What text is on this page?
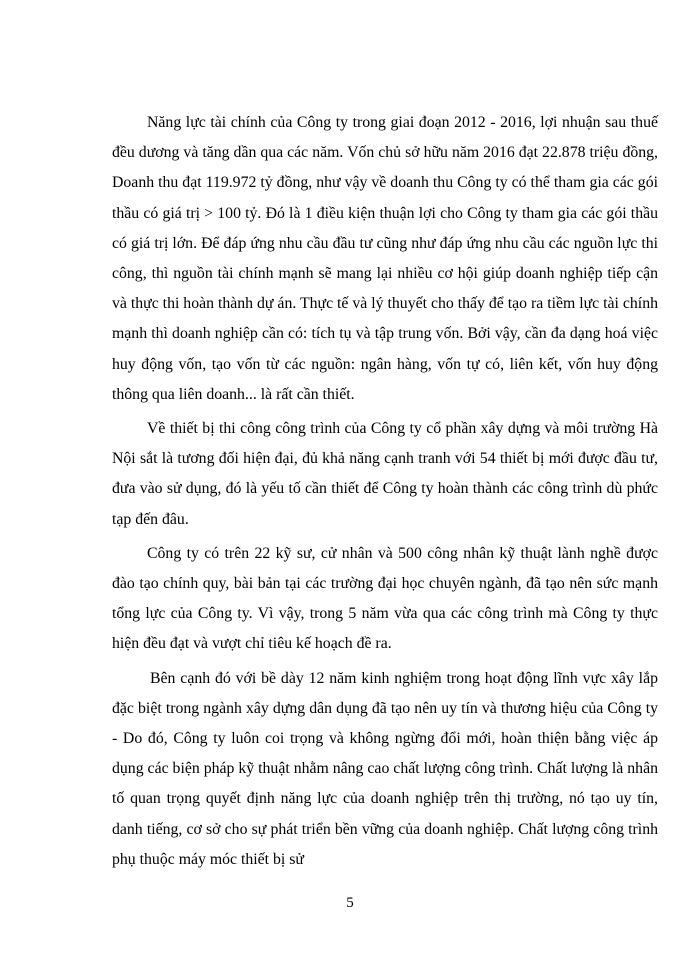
Năng lực tài chính của Công ty trong giai đoạn 2012 - 2016, lợi nhuận sau thuế đều dương và tăng dần qua các năm. Vốn chủ sở hữu năm 2016 đạt 22.878 triệu đồng, Doanh thu đạt 119.972 tỷ đồng, như vậy về doanh thu Công ty có thể tham gia các gói thầu có giá trị > 100 tỷ. Đó là 1 điều kiện thuận lợi cho Công ty tham gia các gói thầu có giá trị lớn. Để đáp ứng nhu cầu đầu tư cũng như đáp ứng nhu cầu các nguồn lực thi công, thì nguồn tài chính mạnh sẽ mang lại nhiều cơ hội giúp doanh nghiệp tiếp cận và thực thi hoàn thành dự án. Thực tế và lý thuyết cho thấy để tạo ra tiềm lực tài chính mạnh thì doanh nghiệp cần có: tích tụ và tập trung vốn. Bởi vậy, cần đa dạng hoá việc huy động vốn, tạo vốn từ các nguồn: ngân hàng, vốn tự có, liên kết, vốn huy động thông qua liên doanh... là rất cần thiết.

Về thiết bị thi công công trình của Công ty cổ phần xây dựng và môi trường Hà Nội sắt là tương đối hiện đại, đủ khả năng cạnh tranh với 54 thiết bị mới được đầu tư, đưa vào sử dụng, đó là yếu tố cần thiết để Công ty hoàn thành các công trình dù phức tạp đến đâu.

Công ty có trên 22 kỹ sư, cử nhân và 500 công nhân kỹ thuật lành nghề được đào tạo chính quy, bài bản tại các trường đại học chuyên ngành, đã tạo nên sức mạnh tổng lực của Công ty. Vì vậy, trong 5 năm vừa qua các công trình mà Công ty thực hiện đều đạt và vượt chỉ tiêu kế hoạch đề ra.

Bên cạnh đó với bề dày 12 năm kinh nghiệm trong hoạt động lĩnh vực xây lắp đặc biệt trong ngành xây dựng dân dụng đã tạo nên uy tín và thương hiệu của Công ty - Do đó, Công ty luôn coi trọng và không ngừng đổi mới, hoàn thiện bằng việc áp dụng các biện pháp kỹ thuật nhằm nâng cao chất lượng công trình. Chất lượng là nhân tố quan trọng quyết định năng lực của doanh nghiệp trên thị trường, nó tạo uy tín, danh tiếng, cơ sở cho sự phát triển bền vững của doanh nghiệp. Chất lượng công trình phụ thuộc máy móc thiết bị sử

5
